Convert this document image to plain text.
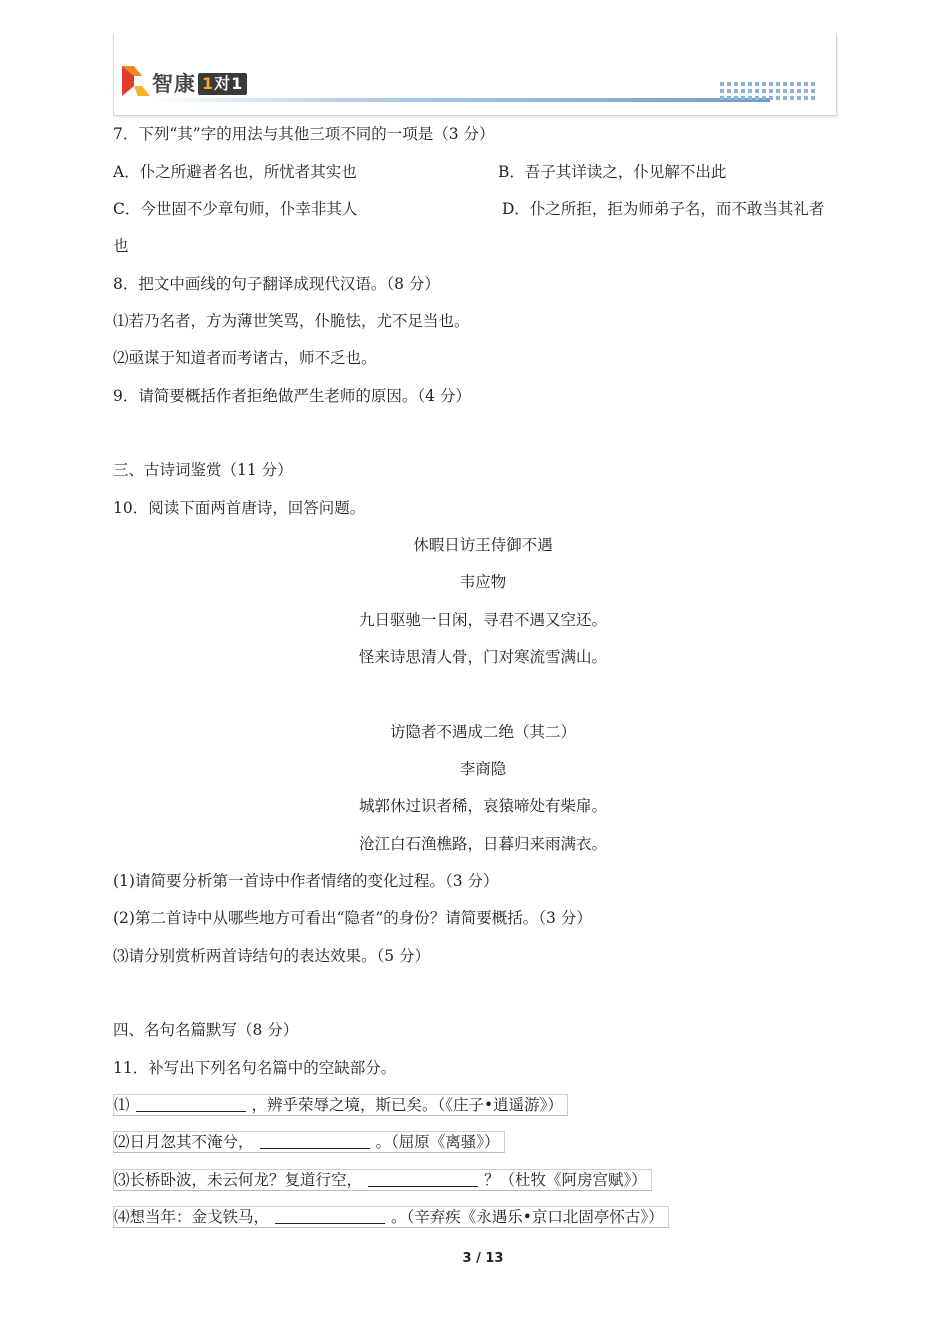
智康 1对1
7．下列“其”字的用法与其他三项不同的一项是（3 分）
A．仆之所避者名也，所忧者其实也	B．吾子其详读之，仆见解不出此
C．今世固不少章句师，仆幸非其人	D．仆之所拒，拒为师弟子名，而不敢当其礼者
也
8．把文中画线的句子翻译成现代汉语。（8 分）
⑴若乃名者，方为薄世笑骂，仆脆怯，尤不足当也。
⑵亟谋于知道者而考诸古，师不乏也。
9．请简要概括作者拒绝做严生老师的原因。（4 分）
三、古诗词鉴赏（11 分）
10．阅读下面两首唐诗，回答问题。
休暇日访王侍御不遇
韦应物
九日驱驰一日闲，寻君不遇又空还。
怪来诗思清人骨，门对寒流雪满山。
访隐者不遇成二绝（其二）
李商隐
城郭休过识者稀，哀猿啼处有柴扉。
沧江白石渔樵路，日暮归来雨满衣。
(1)请简要分析第一首诗中作者情绪的变化过程。（3 分）
(2)第二首诗中从哪些地方可看出“隐者”的身份？请简要概括。（3 分）
⑶请分别赏析两首诗结句的表达效果。（5 分）
四、名句名篇默写（8 分）
11．补写出下列名句名篇中的空缺部分。
⑴	，辨乎荣辱之境，斯已矣。（《庄子•逍遥游》）
⑵日月忽其不淹兮，	。（屈原《离骚》）
⑶长桥卧波，未云何龙？复道行空，	？（杜牧《阿房宫赋》）
⑷想当年：金戈铁马，	。（辛弃疾《永遇乐•京口北固亭怀古》）
3 / 13
